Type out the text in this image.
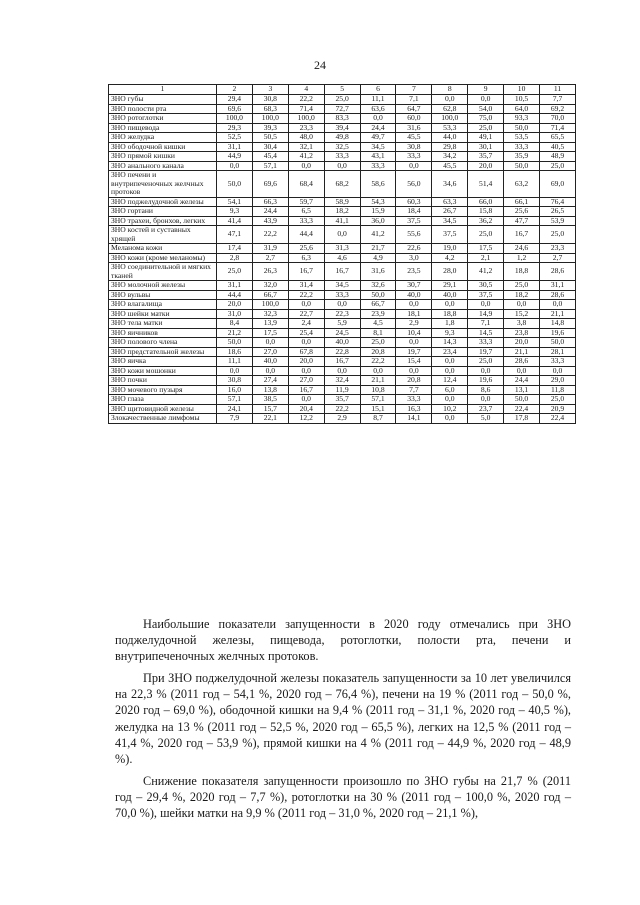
24
1	2	3	4	5	6	7	8	9	10	11
ЗНО губы	29,4	30,8	22,2	25,0	11,1	7,1	0,0	0,0	10,5	7,7
ЗНО полости рта	69,6	68,3	71,4	72,7	63,6	64,7	62,8	54,0	64,0	69,2
ЗНО ротоглотки	100,0	100,0	100,0	83,3	0,0	60,0	100,0	75,0	93,3	70,0
ЗНО пищевода	29,3	39,3	23,3	39,4	24,4	31,6	53,3	25,0	50,0	71,4
ЗНО желудка	52,5	50,5	48,0	49,8	49,7	45,5	44,0	49,1	53,5	65,5
ЗНО ободочной кишки	31,1	30,4	32,1	32,5	34,5	30,8	29,8	30,1	33,3	40,5
ЗНО прямой кишки	44,9	45,4	41,2	33,3	43,1	33,3	34,2	35,7	35,9	48,9
ЗНО анального канала	0,0	57,1	0,0	0,0	33,3	0,0	45,5	20,0	50,0	25,0
ЗНО печени и внутрипеченочных желчных протоков	50,0	69,6	68,4	68,2	58,6	56,0	34,6	51,4	63,2	69,0
ЗНО поджелудочной железы	54,1	66,3	59,7	58,9	54,3	60,3	63,3	66,0	66,1	76,4
ЗНО гортани	9,3	24,4	6,5	18,2	15,9	18,4	26,7	15,8	25,6	26,5
ЗНО трахеи, бронхов, легких	41,4	43,9	33,3	41,1	36,0	37,5	34,5	36,2	47,7	53,9
ЗНО костей и суставных хрящей	47,1	22,2	44,4	0,0	41,2	55,6	37,5	25,0	16,7	25,0
Меланома кожи	17,4	31,9	25,6	31,3	21,7	22,6	19,0	17,5	24,6	23,3
ЗНО кожи (кроме меланомы)	2,8	2,7	6,3	4,6	4,9	3,0	4,2	2,1	1,2	2,7
ЗНО соединительной и мягких тканей	25,0	26,3	16,7	16,7	31,6	23,5	28,0	41,2	18,8	28,6
ЗНО молочной железы	31,1	32,0	31,4	34,5	32,6	30,7	29,1	30,5	25,0	31,1
ЗНО вульвы	44,4	66,7	22,2	33,3	50,0	40,0	40,0	37,5	18,2	28,6
ЗНО влагалища	20,0	100,0	0,0	0,0	66,7	0,0	0,0	0,0	0,0	0,0
ЗНО шейки матки	31,0	32,3	22,7	22,3	23,9	18,1	18,8	14,9	15,2	21,1
ЗНО тела матки	8,4	13,9	2,4	5,9	4,5	2,9	1,8	7,1	3,8	14,8
ЗНО яичников	21,2	17,5	25,4	24,5	8,1	10,4	9,3	14,5	23,8	19,6
ЗНО полового члена	50,0	0,0	0,0	40,0	25,0	0,0	14,3	33,3	20,0	50,0
ЗНО предстательной железы	18,6	27,0	67,8	22,8	20,8	19,7	23,4	19,7	21,1	28,1
ЗНО яичка	11,1	40,0	20,0	16,7	22,2	15,4	0,0	25,0	28,6	33,3
ЗНО кожи мошонки	0,0	0,0	0,0	0,0	0,0	0,0	0,0	0,0	0,0	0,0
ЗНО почки	30,8	27,4	27,0	32,4	21,1	20,8	12,4	19,6	24,4	29,0
ЗНО мочевого пузыря	16,0	13,8	16,7	11,9	10,8	7,7	6,0	8,6	13,1	11,8
ЗНО глаза	57,1	38,5	0,0	35,7	57,1	33,3	0,0	0,0	50,0	25,0
ЗНО щитовидной железы	24,1	15,7	20,4	22,2	15,1	16,3	10,2	23,7	22,4	20,9
Злокачественные лимфомы	7,9	22,1	12,2	2,9	8,7	14,1	0,0	5,0	17,8	22,4

Наибольшие показатели запущенности в 2020 году отмечались при ЗНО поджелудочной железы, пищевода, ротоглотки, полости рта, печени и внутрипеченочных желчных протоков.

При ЗНО поджелудочной железы показатель запущенности за 10 лет увеличился на 22,3 % (2011 год – 54,1 %, 2020 год – 76,4 %), печени на 19 % (2011 год – 50,0 %, 2020 год – 69,0 %), ободочной кишки на 9,4 % (2011 год – 31,1 %, 2020 год – 40,5 %), желудка на 13 % (2011 год – 52,5 %, 2020 год – 65,5 %), легких на 12,5 % (2011 год – 41,4 %, 2020 год – 53,9 %), прямой кишки на 4 % (2011 год – 44,9 %, 2020 год – 48,9 %).

Снижение показателя запущенности произошло по ЗНО губы на 21,7 % (2011 год – 29,4 %, 2020 год – 7,7 %), ротоглотки на 30 % (2011 год – 100,0 %, 2020 год – 70,0 %), шейки матки на 9,9 % (2011 год – 31,0 %, 2020 год – 21,1 %),
